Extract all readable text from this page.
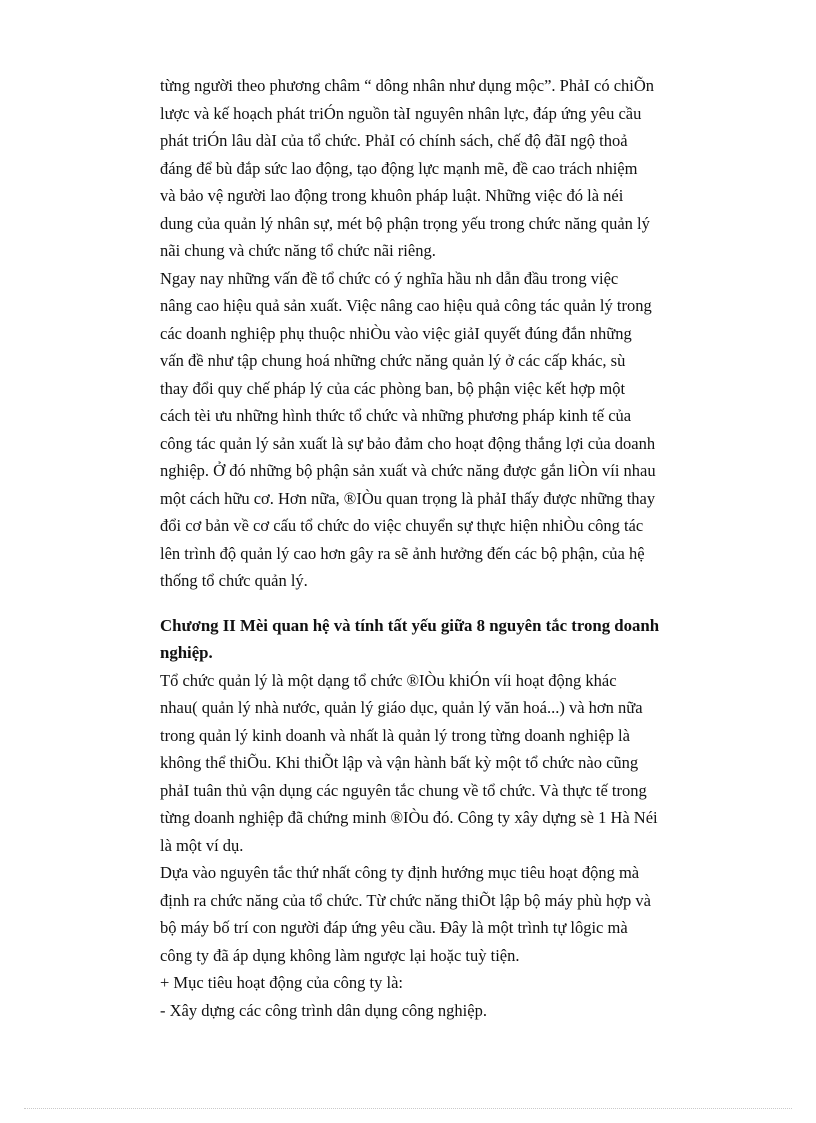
từng người theo phương châm “ dông nhân như dụng mộc”. PhảI có chiÕn
lược và kế hoạch phát triÓn nguồn tàI nguyên nhân lực, đáp ứng yêu cầu
phát triÓn lâu dàI của tổ chức. PhảI có chính sách, chế độ đãI ngộ thoả
đáng để bù đắp sức lao động, tạo động lực mạnh mẽ, đề cao trách nhiệm
và bảo vệ người lao động trong khuôn pháp luật. Những việc đó là néi
dung của quản lý nhân sự, mét bộ phận trọng yếu trong chức năng quản lý
nãi chung và chức năng tổ chức nãi riêng.
Ngay nay những vấn đề tổ chức có ý nghĩa hầu nh dẫn đầu trong việc
nâng cao hiệu quả sản xuất. Việc nâng cao hiệu quả công tác quản lý trong
các doanh nghiệp phụ thuộc nhiÒu vào việc giảI quyết đúng đắn những
vấn đề như tập chung hoá những chức năng quản lý ở các cấp khác, sù
thay đổi quy chế pháp lý của các phòng ban, bộ phận việc kết hợp một
cách tèi ưu những hình thức tổ chức và những phương pháp kinh tế của
công tác quản lý sản xuất là sự bảo đảm cho hoạt động thắng lợi của doanh
nghiệp. Ở đó những bộ phận sản xuất và chức năng được gắn liÒn víi nhau
một cách hữu cơ. Hơn nữa, ®IÒu quan trọng là phảI thấy được những thay
đổi cơ bản về cơ cấu tổ chức do việc chuyển sự thực hiện nhiÒu công tác
lên trình độ quản lý cao hơn gây ra sẽ ảnh hưởng đến các bộ phận, của hệ
thống tổ chức quản lý.
Chương II Mèi quan hệ và tính tất yếu giữa 8 nguyên tắc trong doanh
nghiệp.
Tổ chức quản lý là một dạng tổ chức ®IÒu khiÓn víi hoạt động khác
nhau( quản lý nhà nước, quản lý giáo dục, quản lý văn hoá...) và hơn nữa
trong quản lý kinh doanh và nhất là quản lý trong từng doanh nghiệp là
không thể thiÕu. Khi thiÕt lập và vận hành bất kỳ một tổ chức nào cũng
phảI tuân thủ vận dụng các nguyên tắc chung về tổ chức. Và thực tế trong
từng doanh nghiệp đã chứng minh ®IÒu đó. Công ty xây dựng sè 1 Hà Néi
là một ví dụ.
Dựa vào nguyên tắc thứ nhất công ty định hướng mục tiêu hoạt động mà
định ra chức năng của tổ chức. Từ chức năng thiÕt lập bộ máy phù hợp và
bộ máy bố trí con người đáp ứng yêu cầu. Đây là một trình tự lôgic mà
công ty đã áp dụng không làm ngược lại hoặc tuỳ tiện.
+ Mục tiêu hoạt động của công ty là:
- Xây dựng các công trình dân dụng công nghiệp.
